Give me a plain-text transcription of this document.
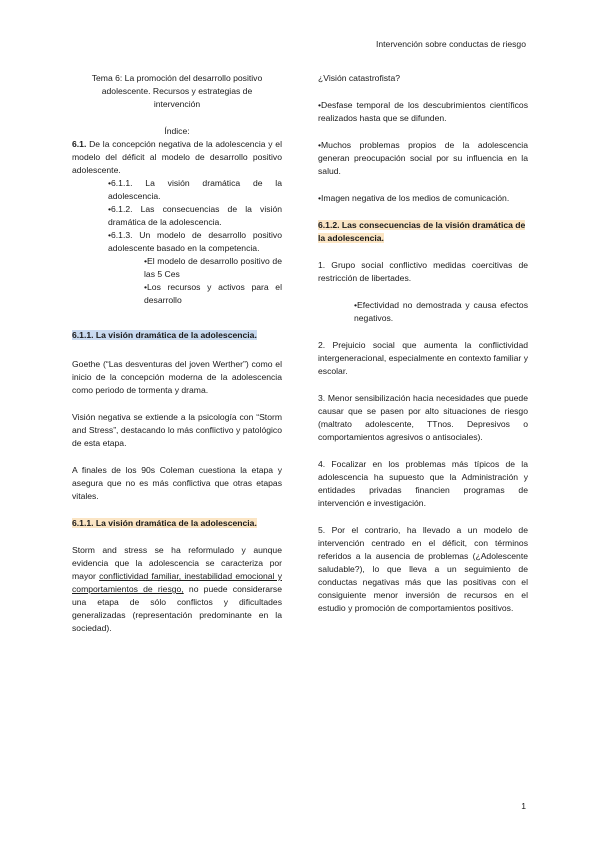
Intervención sobre conductas de riesgo

Tema 6: La promoción del desarrollo positivo

adolescente. Recursos y estrategias de

intervención

Índice:

6.1. De la concepción negativa de la adolescencia y el modelo del déficit al modelo de desarrollo positivo adolescente.

•6.1.1. La visión dramática de la adolescencia.

•6.1.2. Las consecuencias de la visión dramática de la adolescencia.

•6.1.3. Un modelo de desarrollo positivo adolescente basado en la competencia.

•El modelo de desarrollo positivo de las 5 Ces

•Los recursos y activos para el desarrollo

6.1.1. La visión dramática de la adolescencia.

Goethe (“Las desventuras del joven Werther”) como el inicio de la concepción moderna de la adolescencia como periodo de tormenta y drama.

Visión negativa se extiende a la psicología con “Storm and Stress”, destacando lo más conflictivo y patológico de esta etapa.

A finales de los 90s Coleman cuestiona la etapa y asegura que no es más conflictiva que otras etapas vitales.

6.1.1. La visión dramática de la adolescencia.

Storm and stress se ha reformulado y aunque evidencia que la adolescencia se caracteriza por mayor conflictividad familiar, inestabilidad emocional y comportamientos de riesgo, no puede considerarse una etapa de sólo conflictos y dificultades generalizadas (representación predominante en la sociedad).

¿Visión catastrofista?

•Desfase temporal de los descubrimientos científicos realizados hasta que se difunden.

•Muchos problemas propios de la adolescencia generan preocupación social por su influencia en la salud.

•Imagen negativa de los medios de comunicación.

6.1.2. Las consecuencias de la visión dramática de la adolescencia.

1. Grupo social conflictivo medidas coercitivas de restricción de libertades.

•Efectividad no demostrada y causa efectos negativos.

2. Prejuicio social que aumenta la conflictividad intergeneracional, especialmente en contexto familiar y escolar.

3. Menor sensibilización hacia necesidades que puede causar que se pasen por alto situaciones de riesgo (maltrato adolescente, TTnos. Depresivos o comportamientos agresivos o antisociales).

4. Focalizar en los problemas más típicos de la adolescencia ha supuesto que la Administración y entidades privadas financien programas de intervención e investigación.

5. Por el contrario, ha llevado a un modelo de intervención centrado en el déficit, con términos referidos a la ausencia de problemas (¿Adolescente saludable?), lo que lleva a un seguimiento de conductas negativas más que las positivas con el consiguiente menor inversión de recursos en el estudio y promoción de comportamientos positivos.

1
